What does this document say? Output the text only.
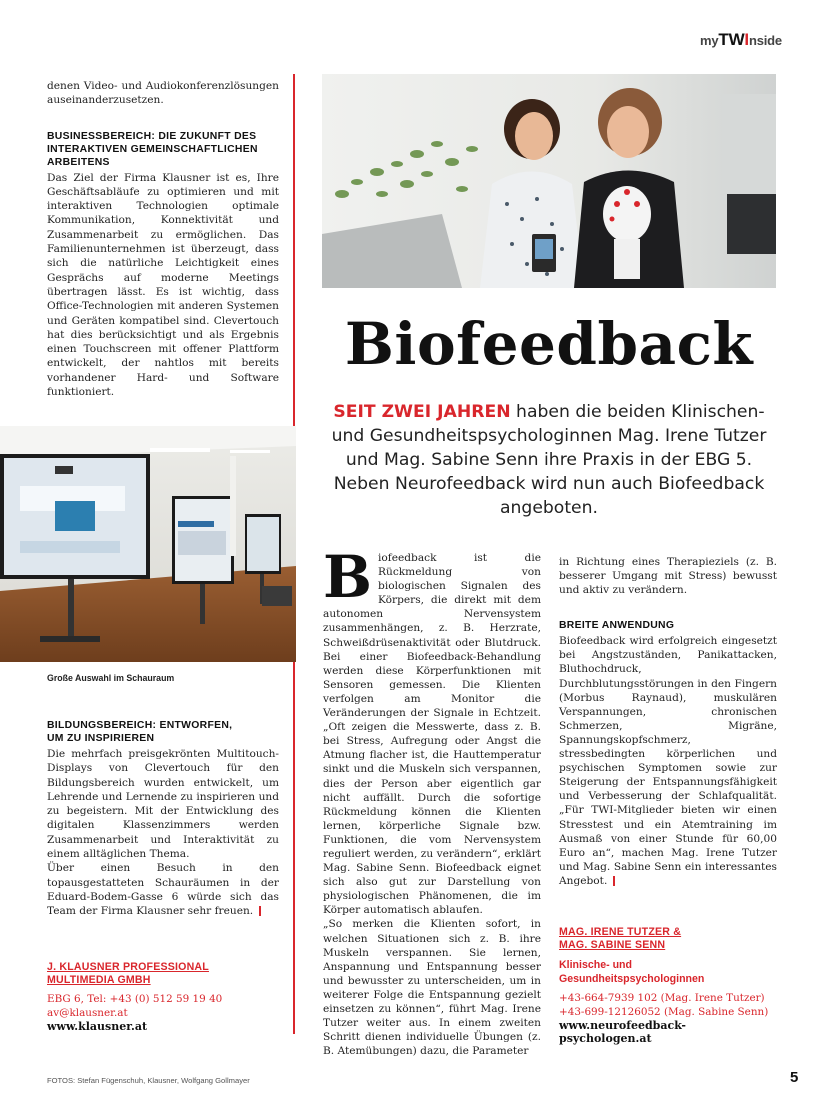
myTWInside

denen Video- und Audiokonferenzlösungen auseinanderzusetzen.

BUSINESSBEREICH: DIE ZUKUNFT DES INTERAKTIVEN GEMEINSCHAFTLICHEN ARBEITENS

Das Ziel der Firma Klausner ist es, Ihre Geschäftsabläufe zu optimieren und mit interaktiven Technologien optimale Kommunikation, Konnektivität und Zusammenarbeit zu ermöglichen. Das Familienunternehmen ist überzeugt, dass sich die natürliche Leichtigkeit eines Gesprächs auf moderne Meetings übertragen lässt. Es ist wichtig, dass Office-Technologien mit anderen Systemen und Geräten kompatibel sind. Clevertouch hat dies berücksichtigt und als Ergebnis einen Touchscreen mit offener Plattform entwickelt, der nahtlos mit bereits vorhandener Hard- und Software funktioniert.

Große Auswahl im Schauraum
BILDUNGSBEREICH: ENTWORFEN, UM ZU INSPIRIEREN

Die mehrfach preisgekrönten Multitouch-Displays von Clevertouch für den Bildungsbereich wurden entwickelt, um Lehrende und Lernende zu inspirieren und zu begeistern. Mit der Entwicklung des digitalen Klassenzimmers werden Zusammenarbeit und Interaktivität zu einem alltäglichen Thema.

Über einen Besuch in den topausgestatteten Schauräumen in der Eduard-Bodem-Gasse 6 würde sich das Team der Firma Klausner sehr freuen.

J. KLAUSNER PROFESSIONAL MULTIMEDIA GMBH
EBG 6, Tel: +43 (0) 512 59 19 40
av@klausner.at
www.klausner.at
Biofeedback
SEIT ZWEI JAHREN haben die beiden Klinischen- und Gesundheitspsychologinnen Mag. Irene Tutzer und Mag. Sabine Senn ihre Praxis in der EBG 5. Neben Neurofeedback wird nun auch Biofeedback angeboten.
B iofeedback ist die Rückmeldung von biologischen Signalen des Körpers, die direkt mit dem autonomen Nervensystem zusammenhängen, z. B. Herzrate, Schweißdrüsenaktivität oder Blutdruck. Bei einer Biofeedback-Behandlung werden diese Körperfunktionen mit Sensoren gemessen. Die Klienten verfolgen am Monitor die Veränderungen der Signale in Echtzeit. „Oft zeigen die Messwerte, dass z. B. bei Stress, Aufregung oder Angst die Atmung flacher ist, die Hauttemperatur sinkt und die Muskeln sich verspannen, dies der Person aber eigentlich gar nicht auffällt. Durch die sofortige Rückmeldung können die Klienten lernen, körperliche Signale bzw. Funktionen, die vom Nervensystem reguliert werden, zu verändern“, erklärt Mag. Sabine Senn. Biofeedback eignet sich also gut zur Darstellung von physiologischen Phänomenen, die im Körper automatisch ablaufen.
„So merken die Klienten sofort, in welchen Situationen sich z. B. ihre Muskeln verspannen. Sie lernen, Anspannung und Entspannung besser und bewusster zu unterscheiden, um in weiterer Folge die Entspannung gezielt einsetzen zu können“, führt Mag. Irene Tutzer weiter aus. In einem zweiten Schritt dienen individuelle Übungen (z. B. Atemübungen) dazu, die Parameter

in Richtung eines Therapieziels (z. B. besserer Umgang mit Stress) bewusst und aktiv zu verändern.

BREITE ANWENDUNG

Biofeedback wird erfolgreich eingesetzt bei Angstzuständen, Panikattacken, Bluthochdruck, Durchblutungsstörungen in den Fingern (Morbus Raynaud), muskulären Verspannungen, chronischen Schmerzen, Migräne, Spannungskopfschmerz, stressbedingten körperlichen und psychischen Symptomen sowie zur Steigerung der Entspannungsfähigkeit und Verbesserung der Schlafqualität. „Für TWI-Mitglieder bieten wir einen Stresstest und ein Atemtraining im Ausmaß von einer Stunde für 60,00 Euro an“, machen Mag. Irene Tutzer und Mag. Sabine Senn ein interessantes Angebot.

MAG. IRENE TUTZER & MAG. SABINE SENN
Klinische- und Gesundheitspsychologinnen
+43-664-7939 102 (Mag. Irene Tutzer)
+43-699-12126052 (Mag. Sabine Senn)
www.neurofeedback-psychologen.at
FOTOS: Stefan Fügenschuh, Klausner, Wolfgang Gollmayer	5
